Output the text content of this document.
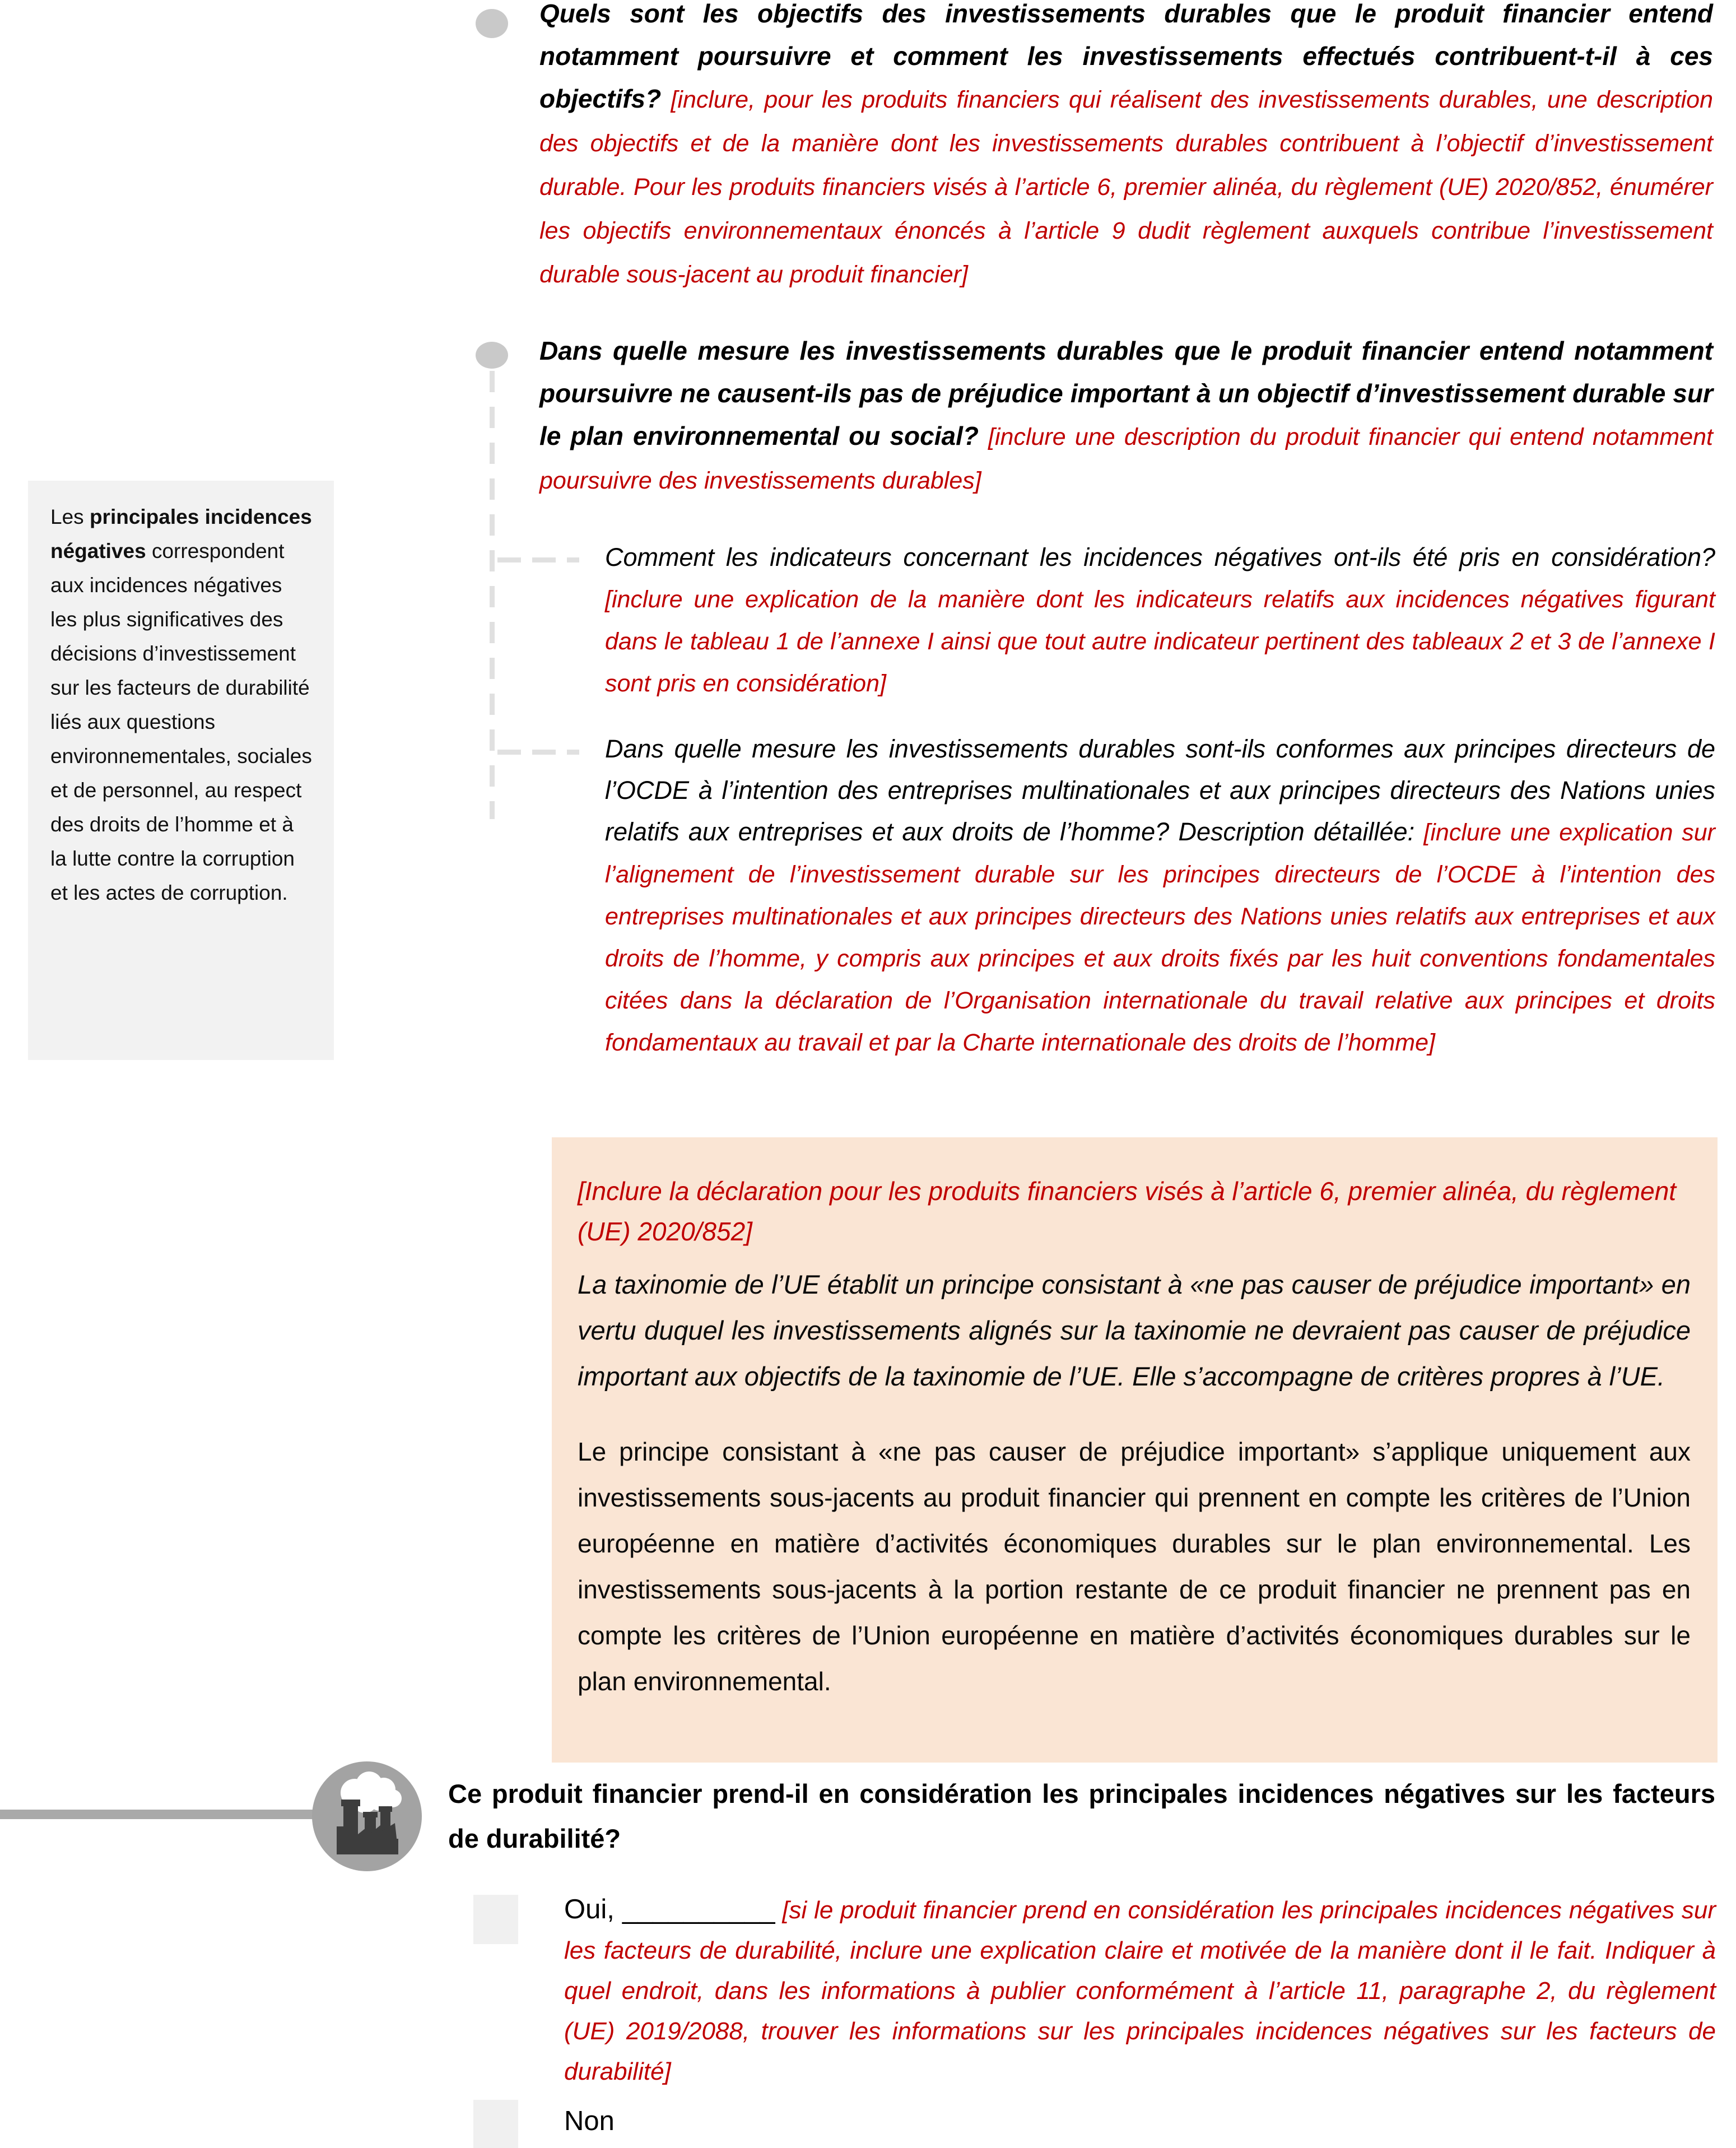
Quels sont les objectifs des investissements durables que le produit financier entend notamment poursuivre et comment les investissements effectués contribuent-t-il à ces objectifs? [inclure, pour les produits financiers qui réalisent des investissements durables, une description des objectifs et de la manière dont les investissements durables contribuent à l’objectif d’investissement durable. Pour les produits financiers visés à l’article 6, premier alinéa, du règlement (UE) 2020/852, énumérer les objectifs environnementaux énoncés à l’article 9 dudit règlement auxquels contribue l’investissement durable sous-jacent au produit financier]

Dans quelle mesure les investissements durables que le produit financier entend notamment poursuivre ne causent-ils pas de préjudice important à un objectif d’investissement durable sur le plan environnemental ou social? [inclure une description du produit financier qui entend notamment poursuivre des investissements durables]

Les principales incidences négatives correspondent aux incidences négatives les plus significatives des décisions d’investissement sur les facteurs de durabilité liés aux questions environnementales, sociales et de personnel, au respect des droits de l’homme et à la lutte contre la corruption et les actes de corruption.

Comment les indicateurs concernant les incidences négatives ont-ils été pris en considération? [inclure une explication de la manière dont les indicateurs relatifs aux incidences négatives figurant dans le tableau 1 de l’annexe I ainsi que tout autre indicateur pertinent des tableaux 2 et 3 de l’annexe I sont pris en considération]

Dans quelle mesure les investissements durables sont-ils conformes aux principes directeurs de l’OCDE à l’intention des entreprises multinationales et aux principes directeurs des Nations unies relatifs aux entreprises et aux droits de l’homme? Description détaillée: [inclure une explication sur l’alignement de l’investissement durable sur les principes directeurs de l’OCDE à l’intention des entreprises multinationales et aux principes directeurs des Nations unies relatifs aux entreprises et aux droits de l’homme, y compris aux principes et aux droits fixés par les huit conventions fondamentales citées dans la déclaration de l’Organisation internationale du travail relative aux principes et droits fondamentaux au travail et par la Charte internationale des droits de l’homme]

[Inclure la déclaration pour les produits financiers visés à l’article 6, premier alinéa, du règlement (UE) 2020/852]
La taxinomie de l’UE établit un principe consistant à «ne pas causer de préjudice important» en vertu duquel les investissements alignés sur la taxinomie ne devraient pas causer de préjudice important aux objectifs de la taxinomie de l’UE. Elle s’accompagne de critères propres à l’UE.
Le principe consistant à «ne pas causer de préjudice important» s’applique uniquement aux investissements sous-jacents au produit financier qui prennent en compte les critères de l’Union européenne en matière d’activités économiques durables sur le plan environnemental. Les investissements sous-jacents à la portion restante de ce produit financier ne prennent pas en compte les critères de l’Union européenne en matière d’activités économiques durables sur le plan environnemental.

Ce produit financier prend-il en considération les principales incidences négatives sur les facteurs de durabilité?

Oui, __________ [si le produit financier prend en considération les principales incidences négatives sur les facteurs de durabilité, inclure une explication claire et motivée de la manière dont il le fait. Indiquer à quel endroit, dans les informations à publier conformément à l’article 11, paragraphe 2, du règlement (UE) 2019/2088, trouver les informations sur les principales incidences négatives sur les facteurs de durabilité]

Non
